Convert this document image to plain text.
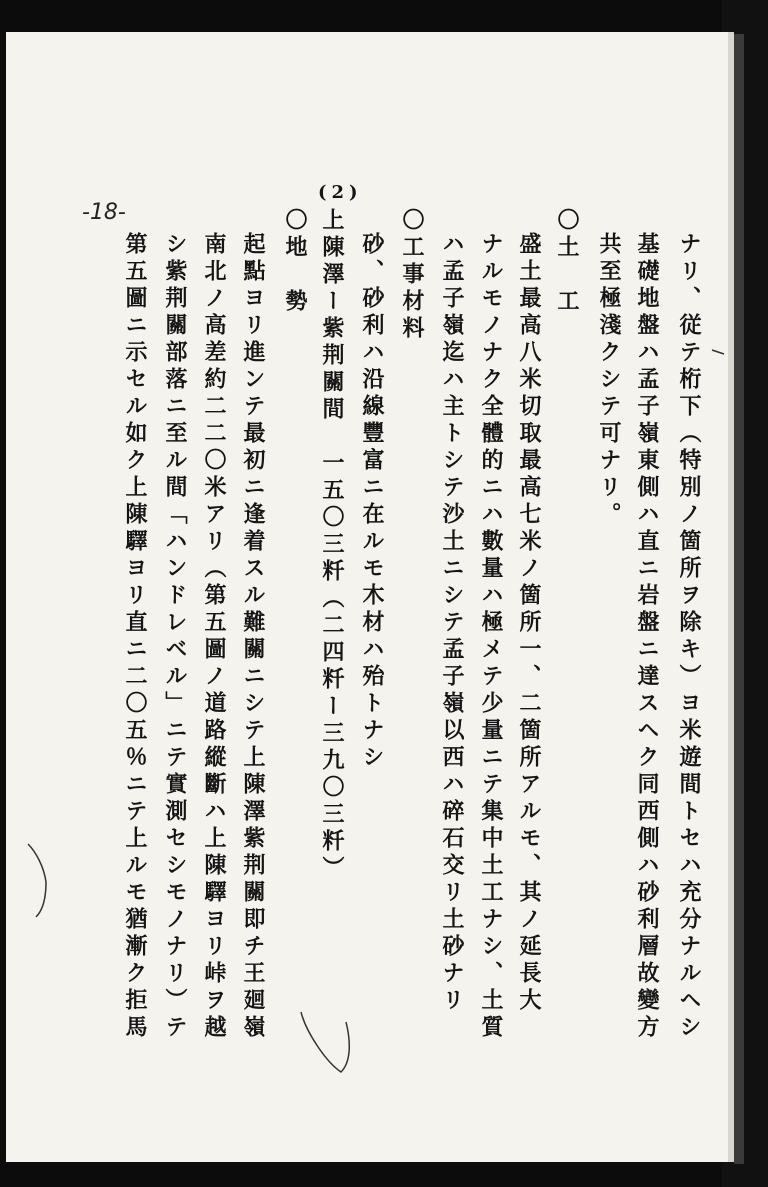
-18-
ナリ、従テ桁下（特別ノ箇所ヲ除キ）ヨ米遊間トセハ充分ナルヘシ
基礎地盤ハ孟子嶺東側ハ直ニ岩盤ニ達スヘク同西側ハ砂利層故變方
共至極淺クシテ可ナリ。
〇土　工
盛土最高八米切取最高七米ノ箇所一、二箇所アルモ、其ノ延長大
ナルモノナク全體的ニハ數量ハ極メテ少量ニテ集中土工ナシ、土質
ハ孟子嶺迄ハ主トシテ沙土ニシテ孟子嶺以西ハ碎石交リ土砂ナリ
〇工事材料
砂、砂利ハ沿線豐富ニ在ルモ木材ハ殆トナシ
(2)
上陳澤ー紫荆關間　一五〇三粁（二四粁ー三九〇三粁）
〇地　勢
起點ヨリ進ンテ最初ニ逢着スル難關ニシテ上陳澤紫荆關即チ王廻嶺
南北ノ高差約二二〇米アリ（第五圖ノ道路縱斷ハ上陳驛ヨリ峠ヲ越
シ紫荆關部落ニ至ル間「ハンドレベル」ニテ實測セシモノナリ）テ
第五圖ニ示セル如ク上陳驛ヨリ直ニ二〇五％ニテ上ルモ猶漸ク拒馬
